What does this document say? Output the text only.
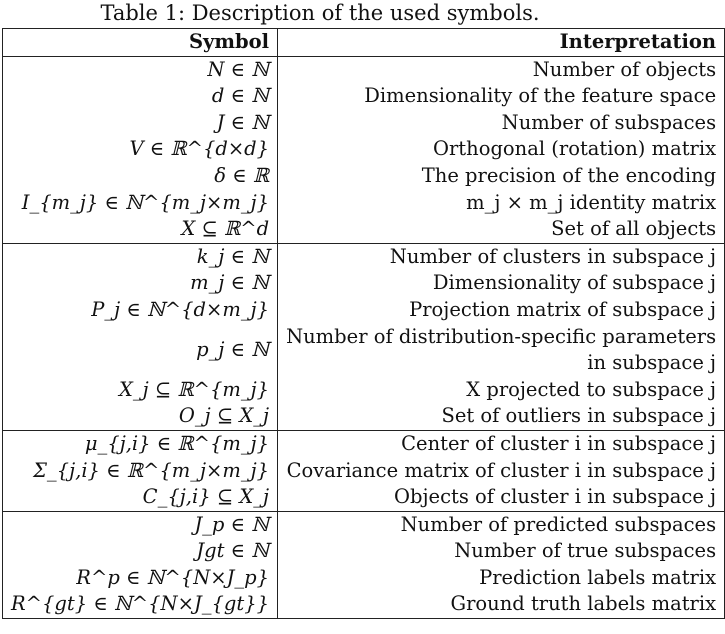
Table 1: Description of the used symbols.
Symbol	Interpretation
N ∈ ℕ	Number of objects
d ∈ ℕ	Dimensionality of the feature space
J ∈ ℕ	Number of subspaces
V ∈ ℝ^{d×d}	Orthogonal (rotation) matrix
δ ∈ ℝ	The precision of the encoding
I_{m_j} ∈ ℕ^{m_j×m_j}	m_j × m_j identity matrix
X ⊆ ℝ^d	Set of all objects
k_j ∈ ℕ	Number of clusters in subspace j
m_j ∈ ℕ	Dimensionality of subspace j
P_j ∈ ℕ^{d×m_j}	Projection matrix of subspace j
p_j ∈ ℕ	Number of distribution-specific parameters
in subspace j

X_j ⊆ ℝ^{m_j}	X projected to subspace j
O_j ⊆ X_j	Set of outliers in subspace j
μ_{j,i} ∈ ℝ^{m_j}	Center of cluster i in subspace j
Σ_{j,i} ∈ ℝ^{m_j×m_j}	Covariance matrix of cluster i in subspace j
C_{j,i} ⊆ X_j	Objects of cluster i in subspace j
J_p ∈ ℕ	Number of predicted subspaces
Jgt ∈ ℕ	Number of true subspaces
R^p ∈ ℕ^{N×J_p}	Prediction labels matrix
R^{gt} ∈ ℕ^{N×J_{gt}}	Ground truth labels matrix
